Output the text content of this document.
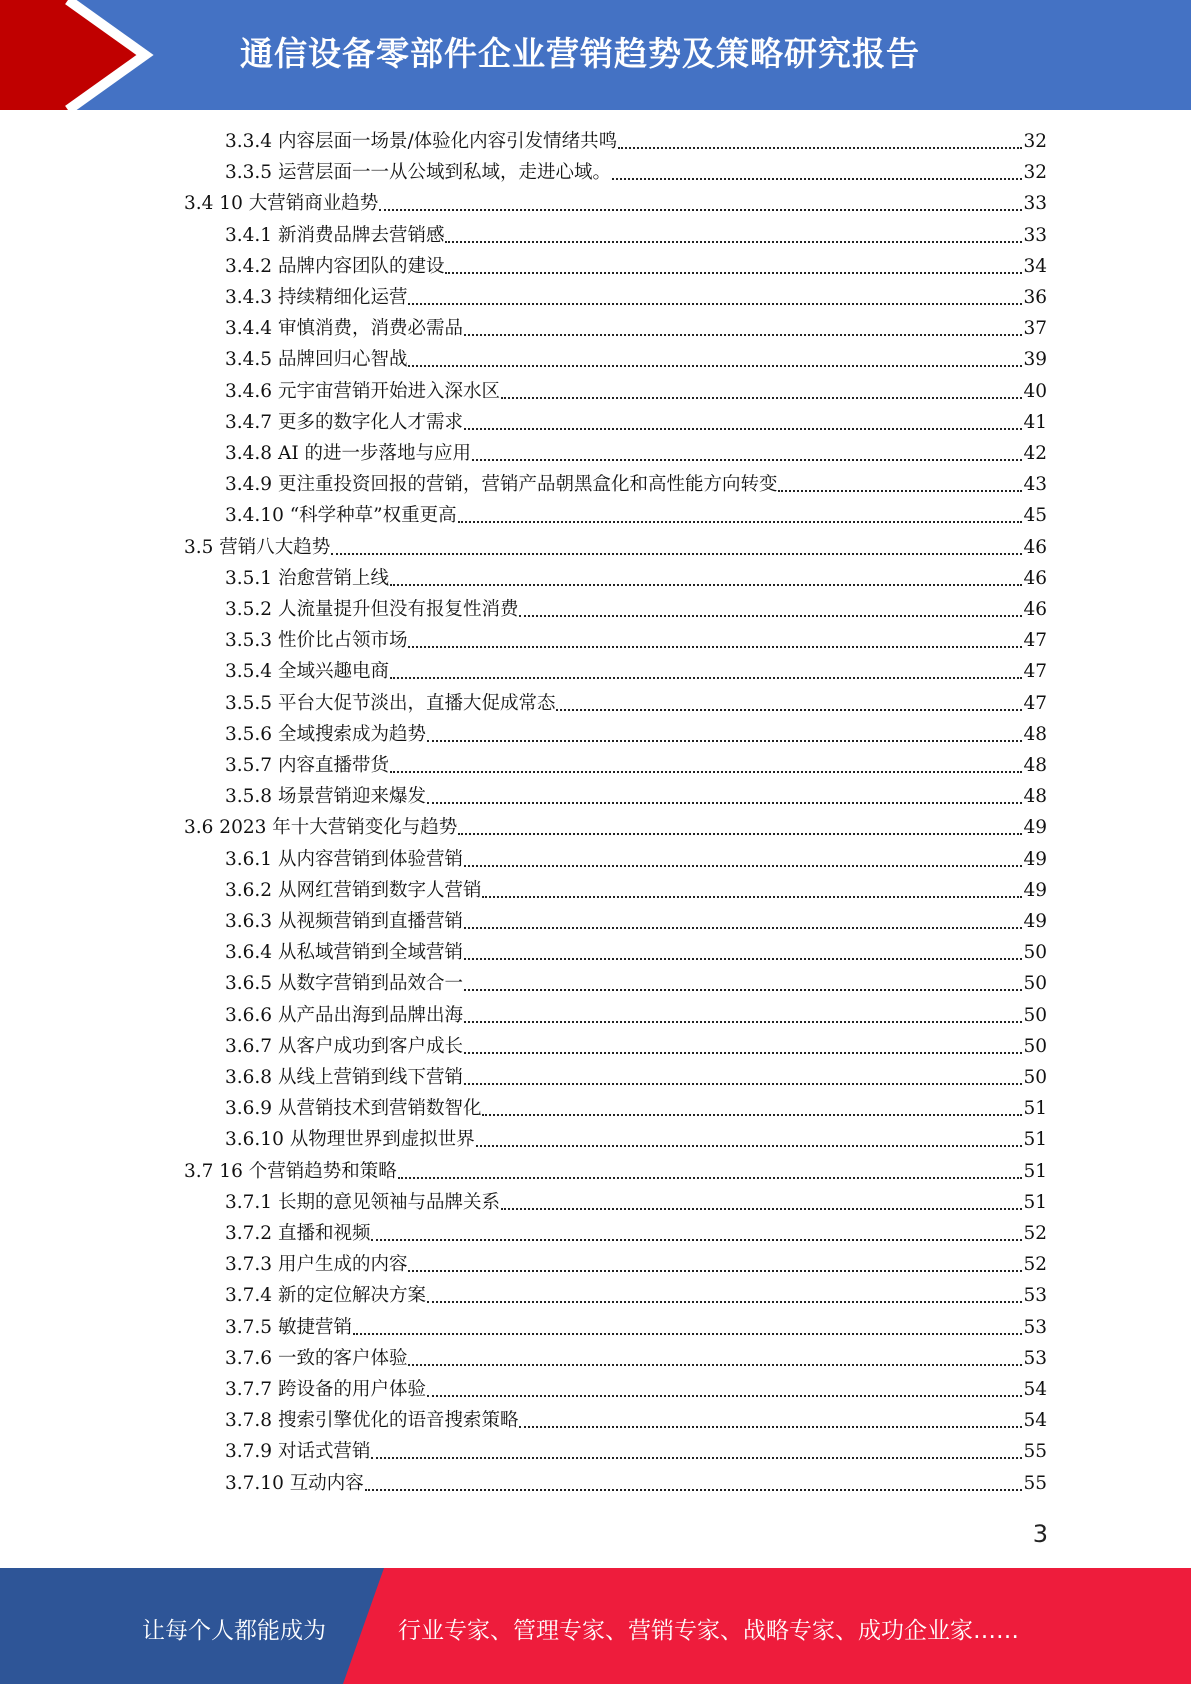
通信设备零部件企业营销趋势及策略研究报告
3.3.4 内容层面一场景/体验化内容引发情绪共鸣	32
3.3.5 运营层面一一从公域到私域，走进心域。	32
3.4 10 大营销商业趋势	33
3.4.1 新消费品牌去营销感	33
3.4.2 品牌内容团队的建设	34
3.4.3 持续精细化运营	36
3.4.4 审慎消费，消费必需品	37
3.4.5 品牌回归心智战	39
3.4.6 元宇宙营销开始进入深水区	40
3.4.7 更多的数字化人才需求	41
3.4.8 AI 的进一步落地与应用	42
3.4.9 更注重投资回报的营销，营销产品朝黑盒化和高性能方向转变	43
3.4.10 “科学种草”权重更高	45
3.5 营销八大趋势	46
3.5.1 治愈营销上线	46
3.5.2 人流量提升但没有报复性消费	46
3.5.3 性价比占领市场	47
3.5.4 全域兴趣电商	47
3.5.5 平台大促节淡出，直播大促成常态	47
3.5.6 全域搜索成为趋势	48
3.5.7 内容直播带货	48
3.5.8 场景营销迎来爆发	48
3.6 2023 年十大营销变化与趋势	49
3.6.1 从内容营销到体验营销	49
3.6.2 从网红营销到数字人营销	49
3.6.3 从视频营销到直播营销	49
3.6.4 从私域营销到全域营销	50
3.6.5 从数字营销到品效合一	50
3.6.6 从产品出海到品牌出海	50
3.6.7 从客户成功到客户成长	50
3.6.8 从线上营销到线下营销	50
3.6.9 从营销技术到营销数智化	51
3.6.10 从物理世界到虚拟世界	51
3.7 16 个营销趋势和策略	51
3.7.1 长期的意见领袖与品牌关系	51
3.7.2 直播和视频	52
3.7.3 用户生成的内容	52
3.7.4 新的定位解决方案	53
3.7.5 敏捷营销	53
3.7.6 一致的客户体验	53
3.7.7 跨设备的用户体验	54
3.7.8 搜索引擎优化的语音搜索策略	54
3.7.9 对话式营销	55
3.7.10 互动内容	55
3
让每个人都能成为	行业专家、管理专家、营销专家、战略专家、成功企业家……
